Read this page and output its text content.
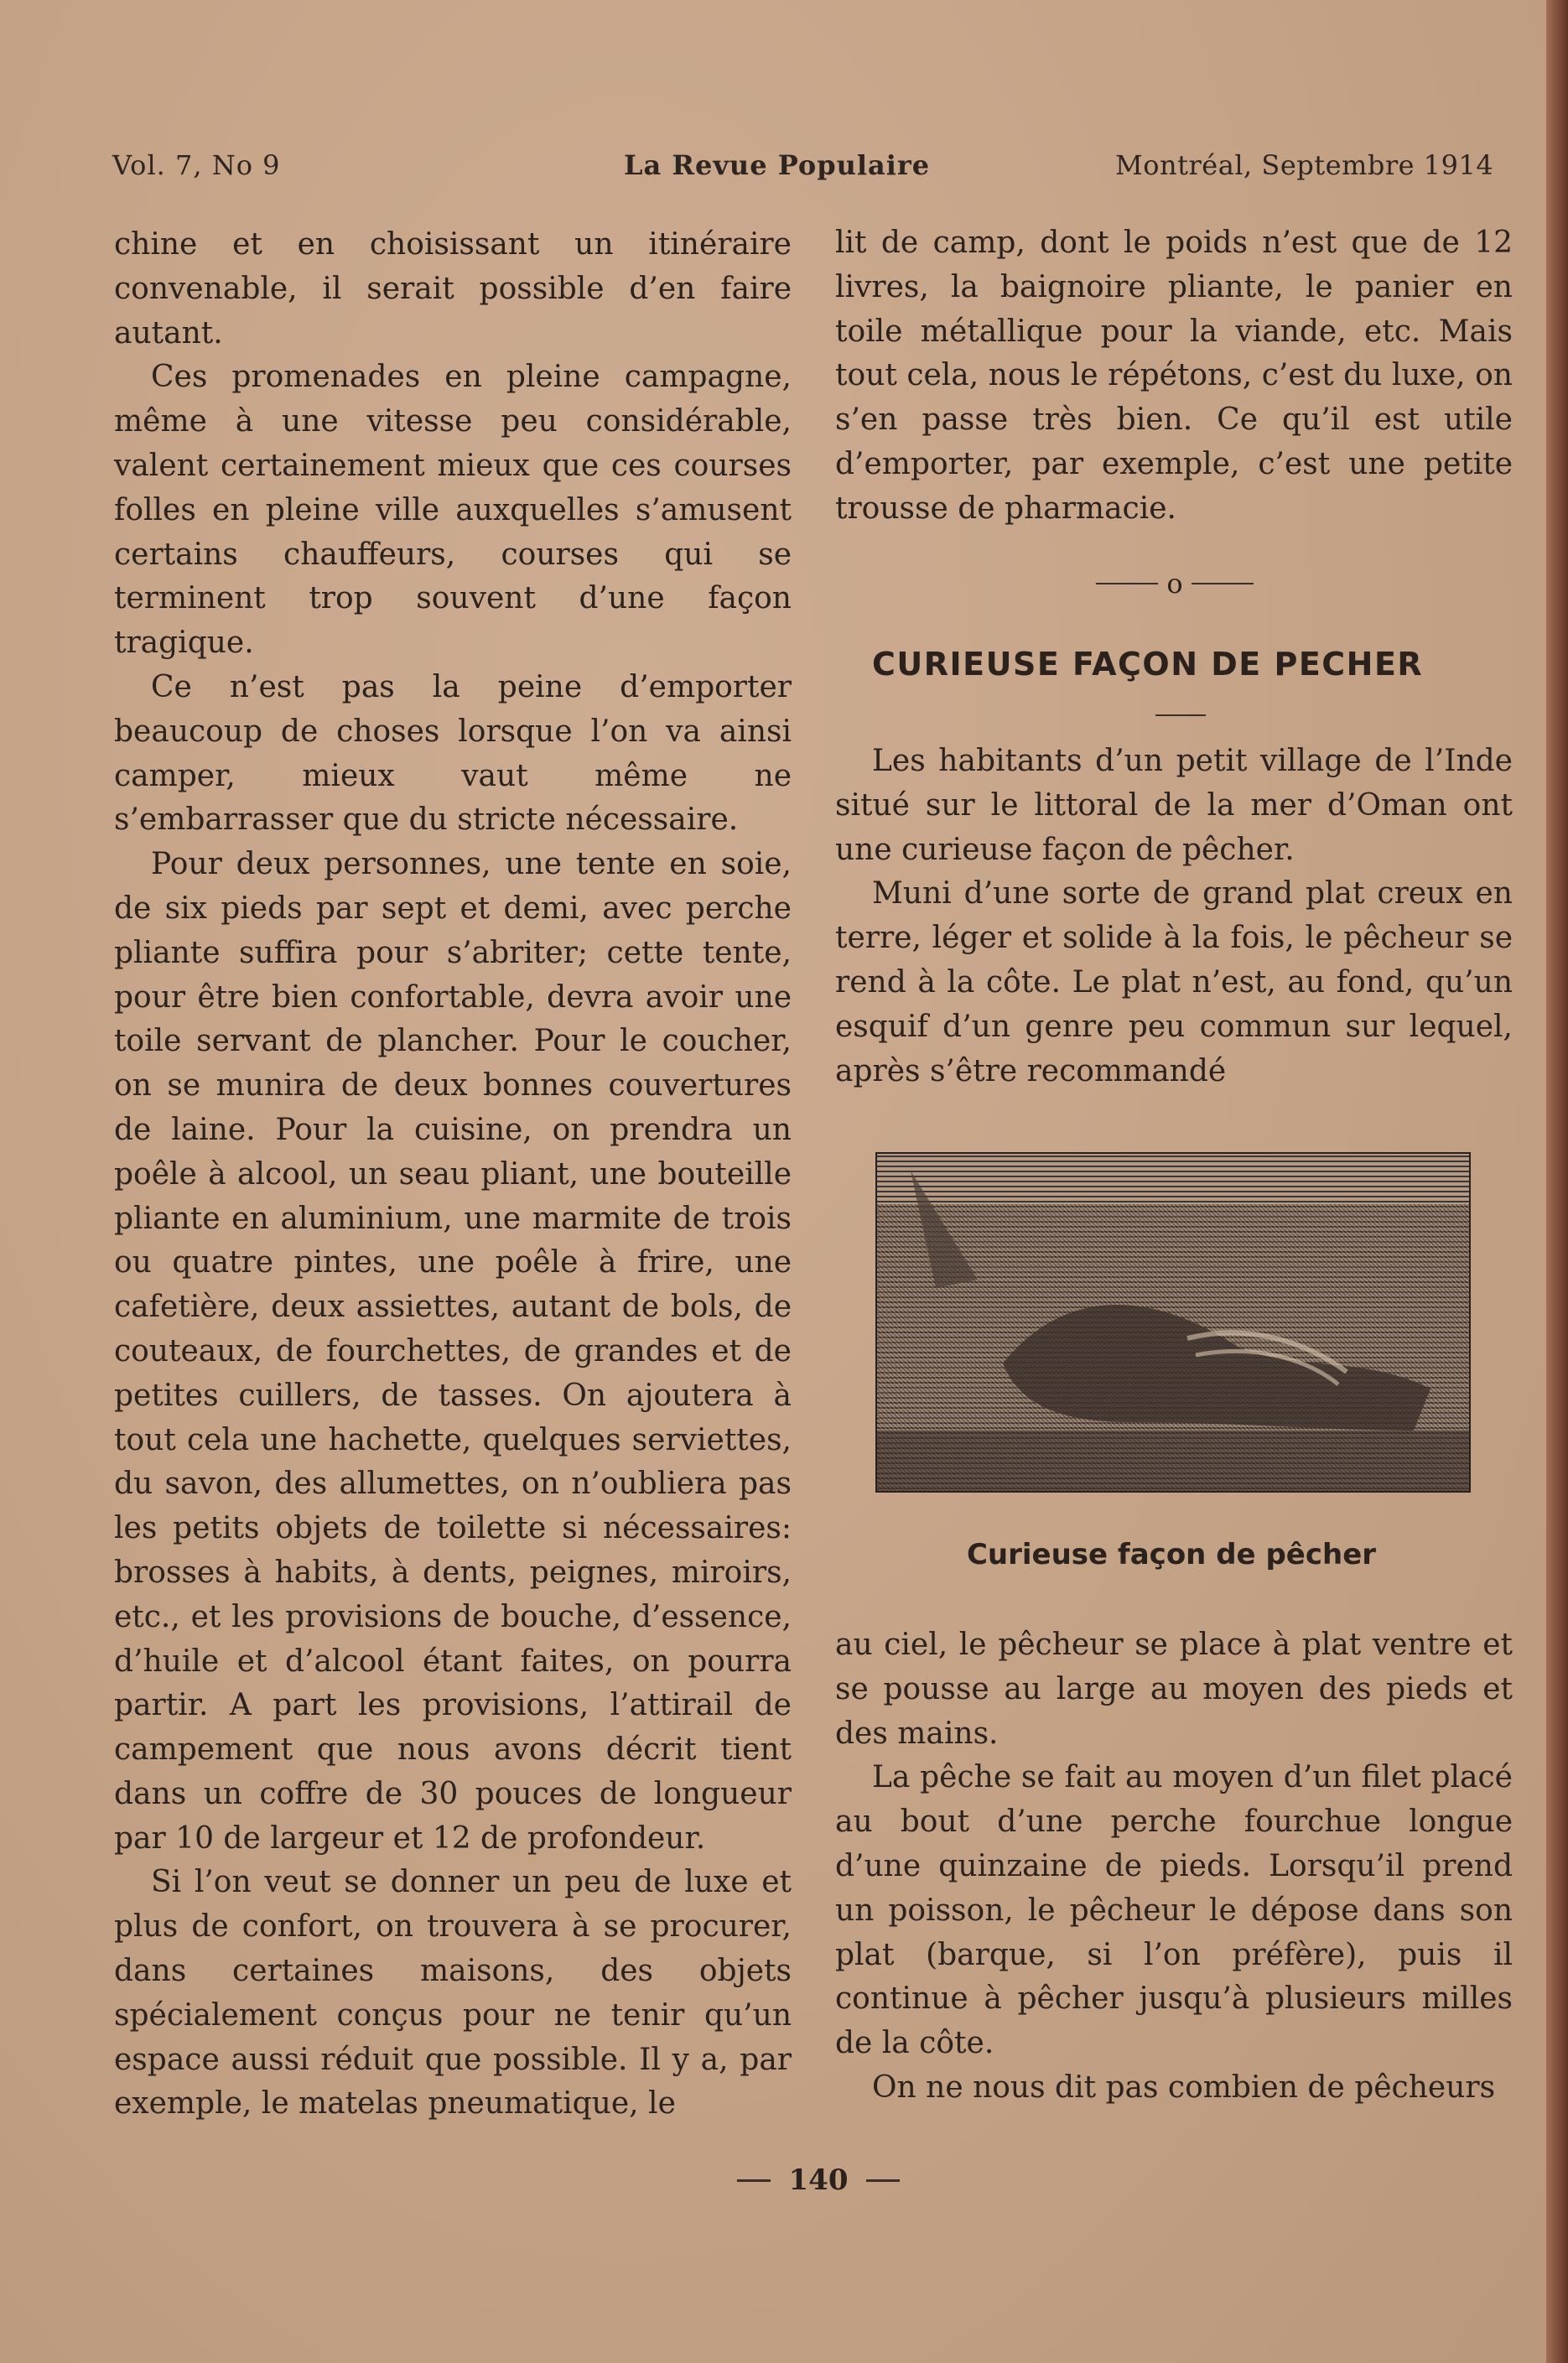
Vol. 7, No 9	La Revue Populaire	Montréal, Septembre 1914

chine et en choisissant un itinéraire convenable, il serait possible d’en faire autant.

Ces promenades en pleine campagne, même à une vitesse peu considérable, valent certainement mieux que ces courses folles en pleine ville auxquelles s’amusent certains chauffeurs, courses qui se terminent trop souvent d’une façon tragique.

Ce n’est pas la peine d’emporter beaucoup de choses lorsque l’on va ainsi camper, mieux vaut même ne s’embarrasser que du stricte nécessaire.

Pour deux personnes, une tente en soie, de six pieds par sept et demi, avec perche pliante suffira pour s’abriter; cette tente, pour être bien confortable, devra avoir une toile servant de plancher. Pour le coucher, on se munira de deux bonnes couvertures de laine. Pour la cuisine, on prendra un poêle à alcool, un seau pliant, une bouteille pliante en aluminium, une marmite de trois ou quatre pintes, une poêle à frire, une cafetière, deux assiettes, autant de bols, de couteaux, de fourchettes, de grandes et de petites cuillers, de tasses. On ajoutera à tout cela une hachette, quelques serviettes, du savon, des allumettes, on n’oubliera pas les petits objets de toilette si nécessaires: brosses à habits, à dents, peignes, miroirs, etc., et les provisions de bouche, d’essence, d’huile et d’alcool étant faites, on pourra partir. A part les provisions, l’attirail de campement que nous avons décrit tient dans un coffre de 30 pouces de longueur par 10 de largeur et 12 de profondeur.

Si l’on veut se donner un peu de luxe et plus de confort, on trouvera à se procurer, dans certaines maisons, des objets spécialement conçus pour ne tenir qu’un espace aussi réduit que possible. Il y a, par exemple, le matelas pneumatique, le

lit de camp, dont le poids n’est que de 12 livres, la baignoire pliante, le panier en toile métallique pour la viande, etc. Mais tout cela, nous le répétons, c’est du luxe, on s’en passe très bien. Ce qu’il est utile d’emporter, par exemple, c’est une petite trousse de pharmacie.

o
CURIEUSE FAÇON DE PECHER

Les habitants d’un petit village de l’Inde situé sur le littoral de la mer d’Oman ont une curieuse façon de pêcher.

Muni d’une sorte de grand plat creux en terre, léger et solide à la fois, le pêcheur se rend à la côte. Le plat n’est, au fond, qu’un esquif d’un genre peu commun sur lequel, après s’être recommandé

Curieuse façon de pêcher

au ciel, le pêcheur se place à plat ventre et se pousse au large au moyen des pieds et des mains.

La pêche se fait au moyen d’un filet placé au bout d’une perche fourchue longue d’une quinzaine de pieds. Lorsqu’il prend un poisson, le pêcheur le dépose dans son plat (barque, si l’on préfère), puis il continue à pêcher jusqu’à plusieurs milles de la côte.

On ne nous dit pas combien de pêcheurs

140
